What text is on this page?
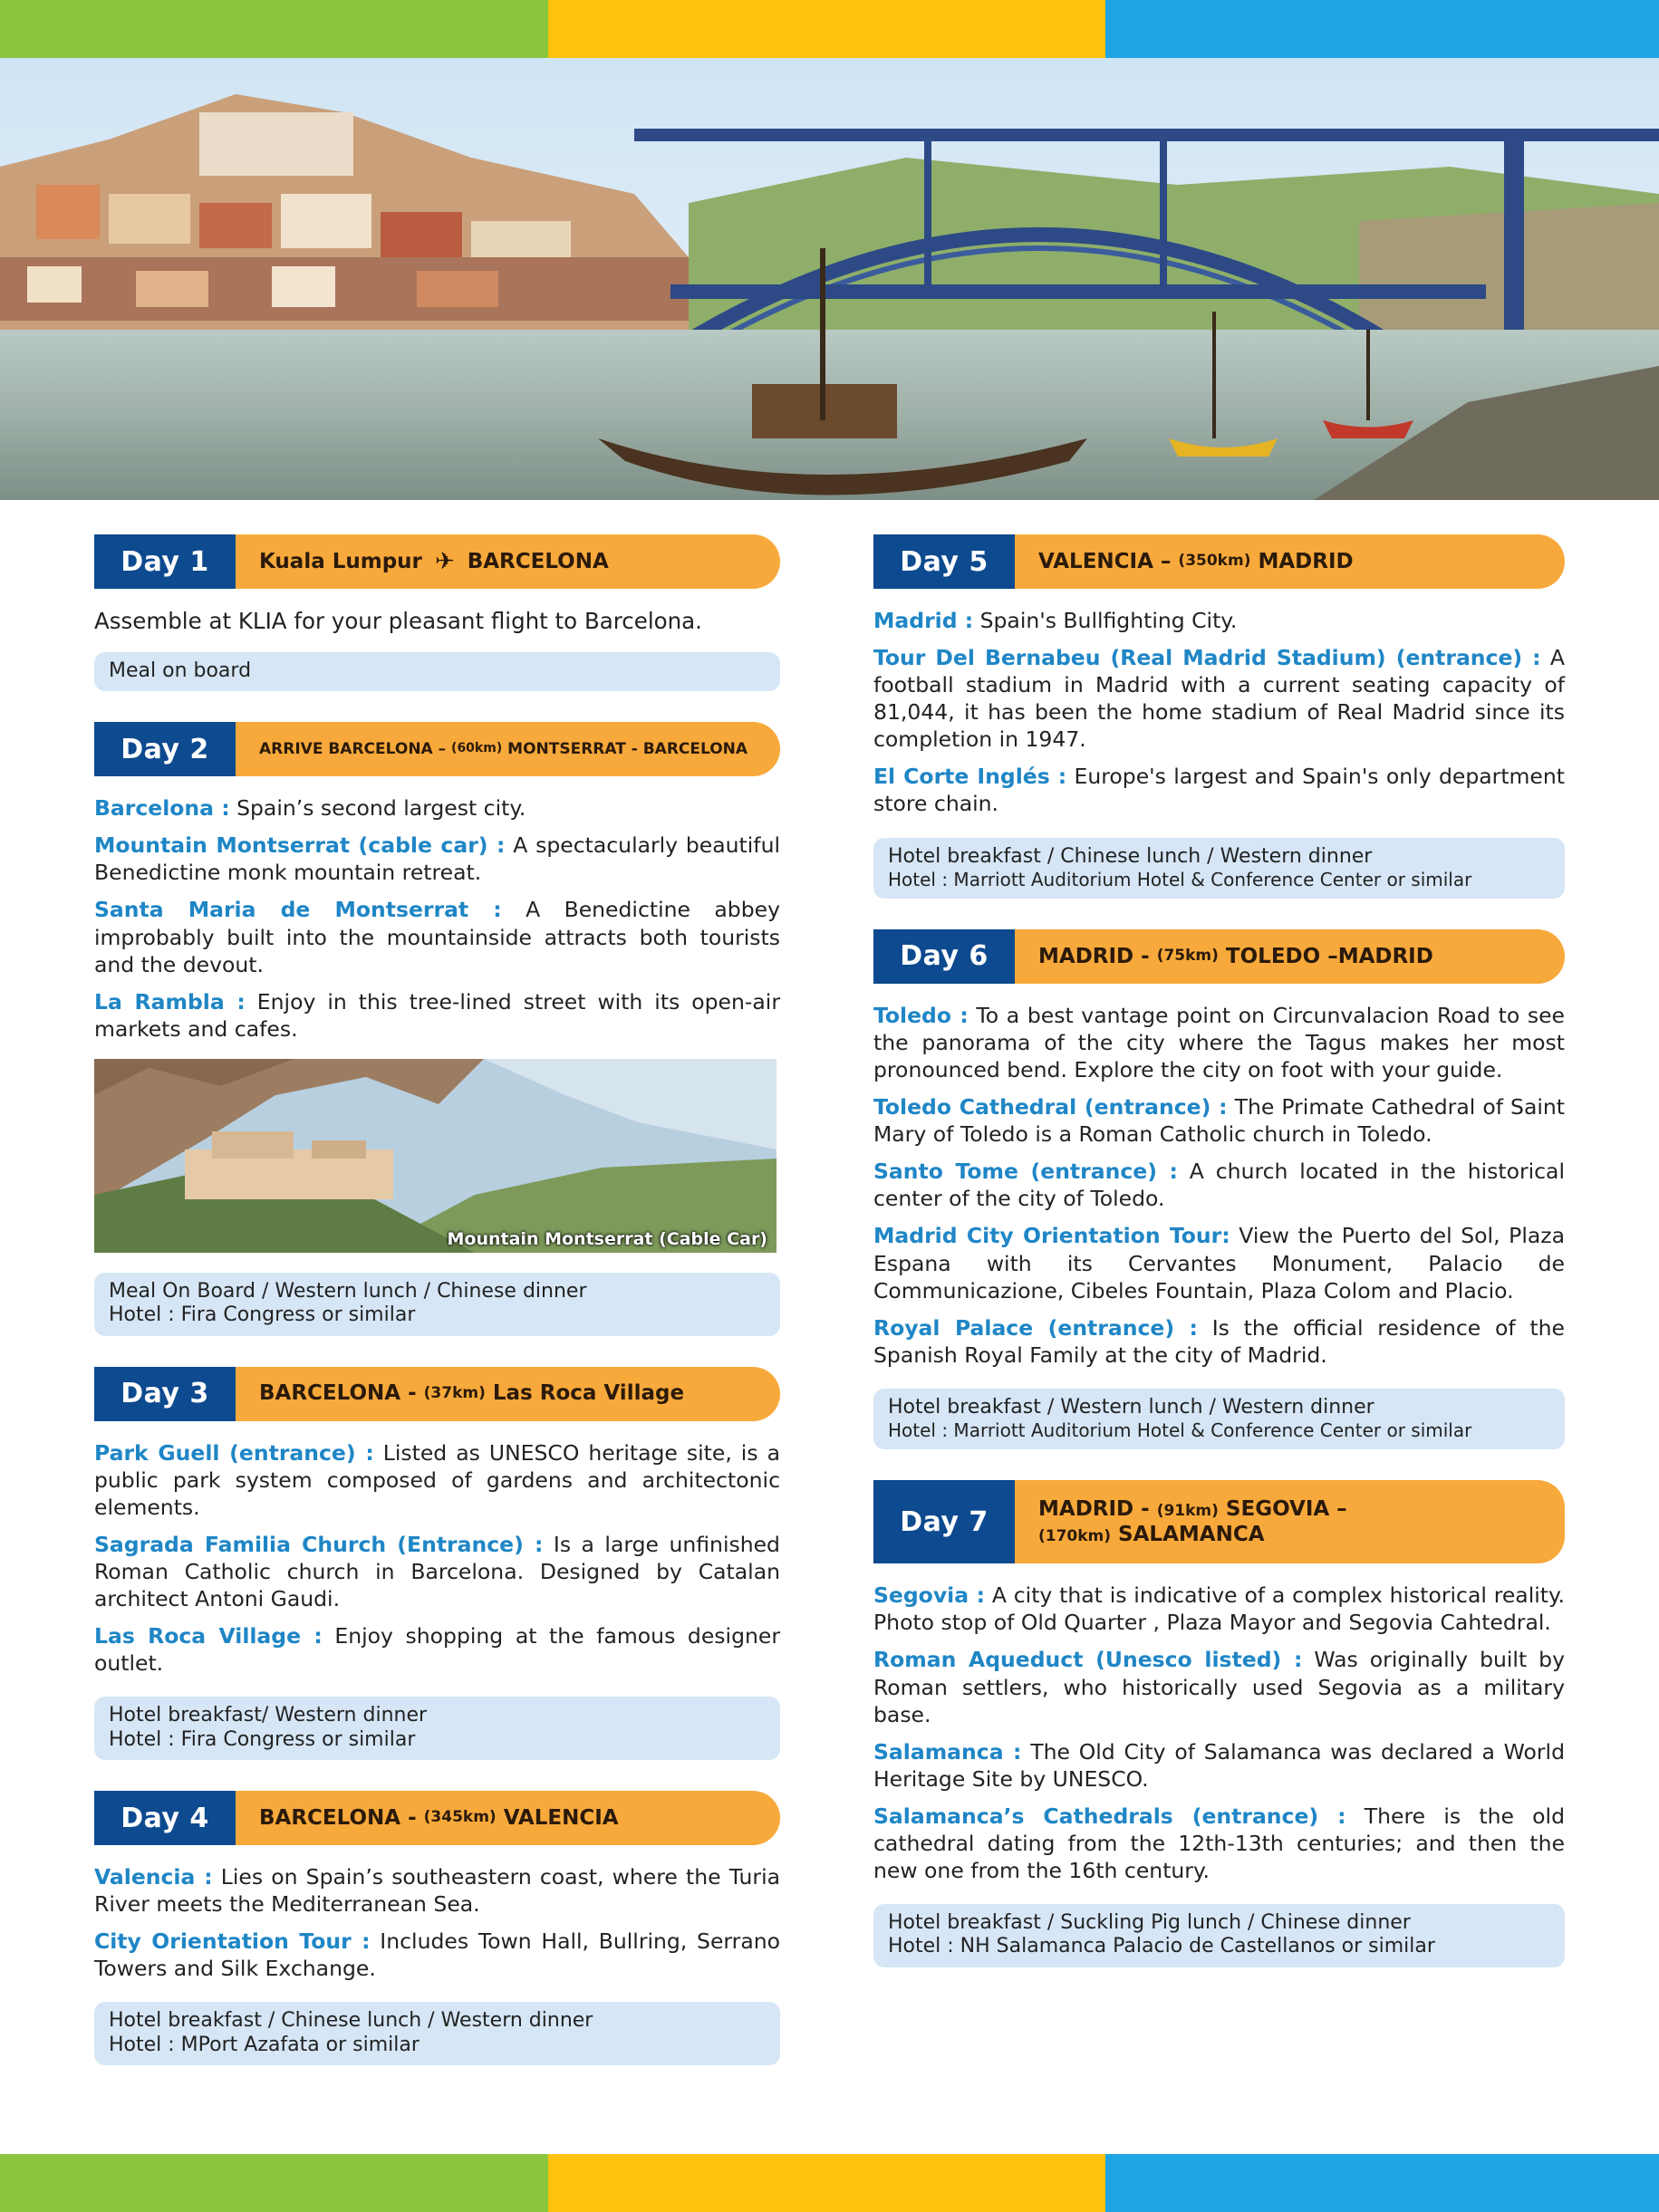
Day 1	Kuala Lumpur ✈ BARCELONA

Assemble at KLIA for your pleasant flight to Barcelona.

Meal on board
Day 2	ARRIVE BARCELONA – (60km) MONTSERRAT - BARCELONA

Barcelona : Spain’s second largest city.

Mountain Montserrat (cable car) : A spectacularly beautiful Benedictine monk mountain retreat.

Santa Maria de Montserrat : A Benedictine abbey improbably built into the mountainside attracts both tourists and the devout.

La Rambla : Enjoy in this tree-lined street with its open-air markets and cafes.

Mountain Montserrat (Cable Car)
Meal On Board / Western lunch / Chinese dinner
Hotel : Fira Congress or similar
Day 3	BARCELONA - (37km) Las Roca Village

Park Guell (entrance) : Listed as UNESCO heritage site, is a public park system composed of gardens and architectonic elements.

Sagrada Familia Church (Entrance) : Is a large unfinished Roman Catholic church in Barcelona. Designed by Catalan architect Antoni Gaudi.

Las Roca Village : Enjoy shopping at the famous designer outlet.

Hotel breakfast/ Western dinner
Hotel : Fira Congress or similar
Day 4	BARCELONA - (345km) VALENCIA

Valencia : Lies on Spain’s southeastern coast, where the Turia River meets the Mediterranean Sea.

City Orientation Tour : Includes Town Hall, Bullring, Serrano Towers and Silk Exchange.

Hotel breakfast / Chinese lunch / Western dinner
Hotel : MPort Azafata or similar
Day 5	VALENCIA – (350km) MADRID

Madrid : Spain's Bullfighting City.

Tour Del Bernabeu (Real Madrid Stadium) (entrance) : A football stadium in Madrid with a current seating capacity of 81,044, it has been the home stadium of Real Madrid since its completion in 1947.

El Corte Inglés : Europe's largest and Spain's only department store chain.

Hotel breakfast / Chinese lunch / Western dinner
Hotel : Marriott Auditorium Hotel & Conference Center or similar
Day 6	MADRID - (75km) TOLEDO –MADRID

Toledo : To a best vantage point on Circunvalacion Road to see the panorama of the city where the Tagus makes her most pronounced bend. Explore the city on foot with your guide.

Toledo Cathedral (entrance) : The Primate Cathedral of Saint Mary of Toledo is a Roman Catholic church in Toledo.

Santo Tome (entrance) : A church located in the historical center of the city of Toledo.

Madrid City Orientation Tour: View the Puerto del Sol, Plaza Espana with its Cervantes Monument, Palacio de Communicazione, Cibeles Fountain, Plaza Colom and Placio.

Royal Palace (entrance) : Is the official residence of the Spanish Royal Family at the city of Madrid.

Hotel breakfast / Western lunch / Western dinner
Hotel : Marriott Auditorium Hotel & Conference Center or similar
Day 7	MADRID - (91km) SEGOVIA –
(170km) SALAMANCA

Segovia : A city that is indicative of a complex historical reality. Photo stop of Old Quarter , Plaza Mayor and Segovia Cahtedral.

Roman Aqueduct (Unesco listed) : Was originally built by Roman settlers, who historically used Segovia as a military base.

Salamanca : The Old City of Salamanca was declared a World Heritage Site by UNESCO.

Salamanca’s Cathedrals (entrance) : There is the old cathedral dating from the 12th-13th centuries; and then the new one from the 16th century.

Hotel breakfast / Suckling Pig lunch / Chinese dinner
Hotel : NH Salamanca Palacio de Castellanos or similar
